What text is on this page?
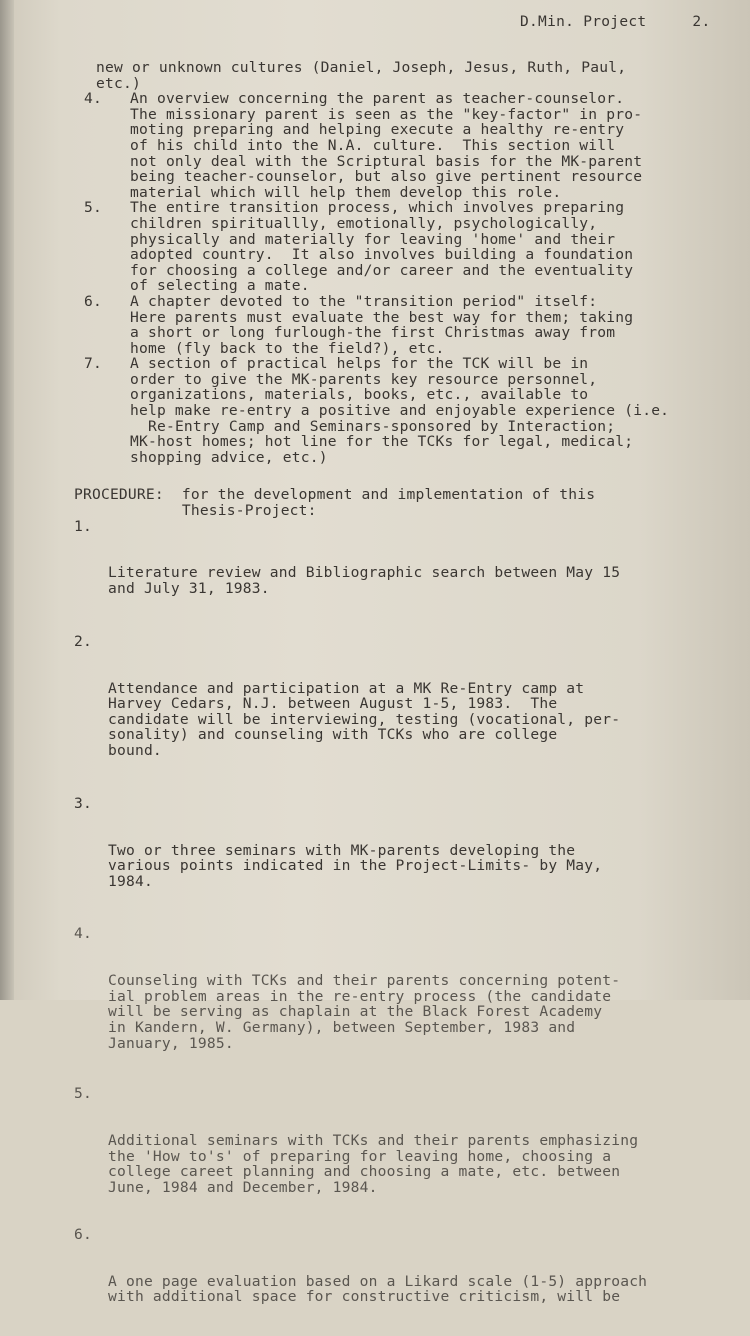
D.Min. Project	2.
new or unknown cultures (Daniel, Joseph, Jesus, Ruth, Paul,
etc.)
4. An overview concerning the parent as teacher-counselor.
The missionary parent is seen as the "key-factor" in pro-
moting preparing and helping execute a healthy re-entry
of his child into the N.A. culture.  This section will
not only deal with the Scriptural basis for the MK-parent
being teacher-counselor, but also give pertinent resource
material which will help them develop this role.
5. The entire transition process, which involves preparing
children spirituallly, emotionally, psychologically,
physically and materially for leaving 'home' and their
adopted country.  It also involves building a foundation
for choosing a college and/or career and the eventuality
of selecting a mate.
6. A chapter devoted to the "transition period" itself:
Here parents must evaluate the best way for them; taking
a short or long furlough-the first Christmas away from
home (fly back to the field?), etc.
7. A section of practical helps for the TCK will be in
order to give the MK-parents key resource personnel,
organizations, materials, books, etc., available to
help make re-entry a positive and enjoyable experience (i.e.
Re-Entry Camp and Seminars-sponsored by Interaction;
MK-host homes; hot line for the TCKs for legal, medical;
shopping advice, etc.)
PROCEDURE:  for the development and implementation of this
Thesis-Project:

1.

Literature review and Bibliographic search between May 15
and July 31, 1983.

2.

Attendance and participation at a MK Re-Entry camp at
Harvey Cedars, N.J. between August 1-5, 1983.  The
candidate will be interviewing, testing (vocational, per-
sonality) and counseling with TCKs who are college
bound.

3.

Two or three seminars with MK-parents developing the
various points indicated in the Project-Limits- by May,
1984.

4.

Counseling with TCKs and their parents concerning potent-
ial problem areas in the re-entry process (the candidate
will be serving as chaplain at the Black Forest Academy
in Kandern, W. Germany), between September, 1983 and
January, 1985.

5.

Additional seminars with TCKs and their parents emphasizing
the 'How to's' of preparing for leaving home, choosing a
college careet planning and choosing a mate, etc. between
June, 1984 and December, 1984.

6.

A one page evaluation based on a Likard scale (1-5) approach
with additional space for constructive criticism, will be
